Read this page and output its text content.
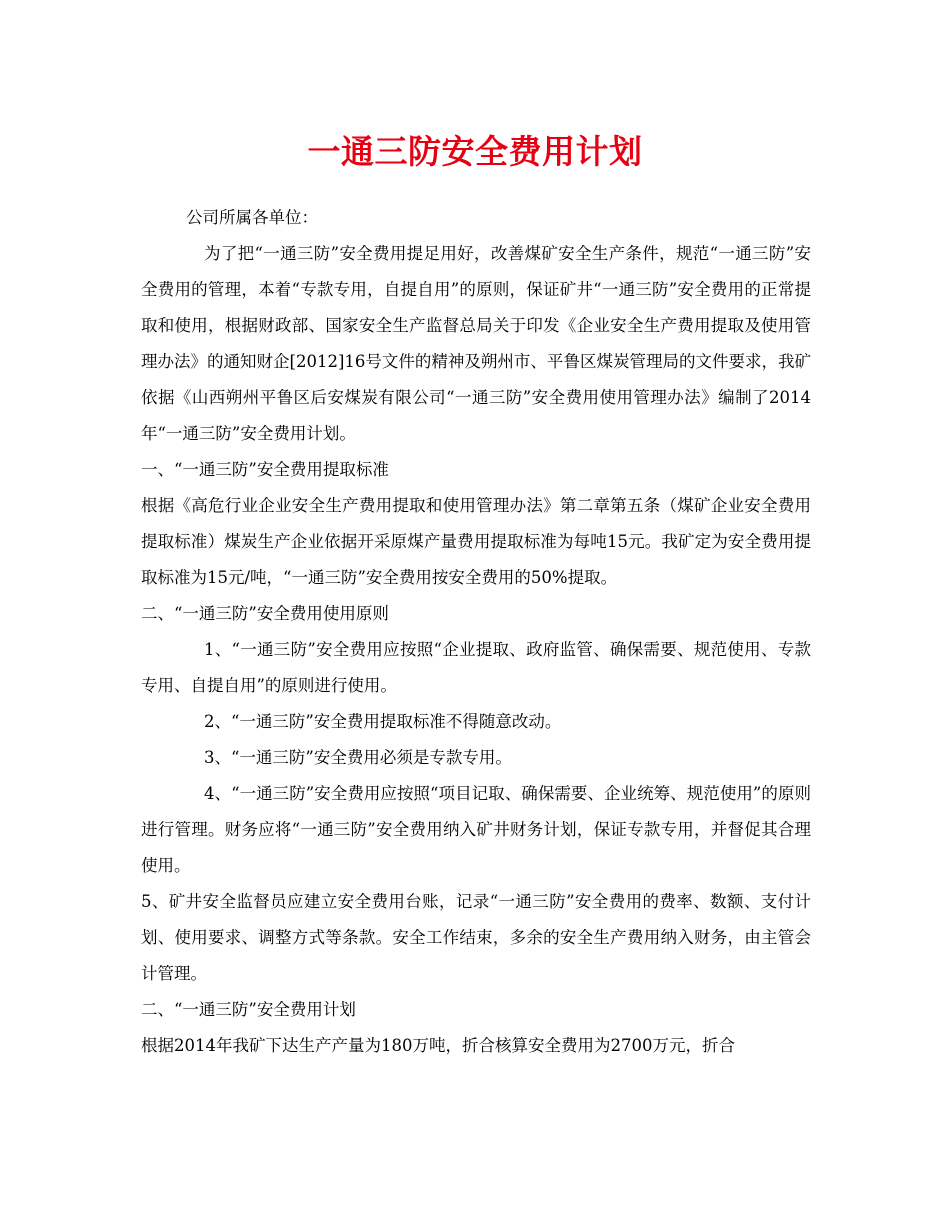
一通三防安全费用计划

公司所属各单位：

为了把“一通三防”安全费用提足用好，改善煤矿安全生产条件，规范“一通三防”安全费用的管理，本着“专款专用，自提自用”的原则，保证矿井“一通三防”安全费用的正常提取和使用，根据财政部、国家安全生产监督总局关于印发《企业安全生产费用提取及使用管理办法》的通知财企[2012]16号文件的精神及朔州市、平鲁区煤炭管理局的文件要求，我矿依据《山西朔州平鲁区后安煤炭有限公司“一通三防”安全费用使用管理办法》编制了2014年“一通三防”安全费用计划。

一、“一通三防”安全费用提取标准

根据《高危行业企业安全生产费用提取和使用管理办法》第二章第五条（煤矿企业安全费用提取标准）煤炭生产企业依据开采原煤产量费用提取标准为每吨15元。我矿定为安全费用提取标准为15元/吨，“一通三防”安全费用按安全费用的50%提取。

二、“一通三防”安全费用使用原则

1、“一通三防”安全费用应按照“企业提取、政府监管、确保需要、规范使用、专款专用、自提自用”的原则进行使用。

2、“一通三防”安全费用提取标准不得随意改动。

3、“一通三防”安全费用必须是专款专用。

4、“一通三防”安全费用应按照“项目记取、确保需要、企业统筹、规范使用”的原则进行管理。财务应将“一通三防”安全费用纳入矿井财务计划，保证专款专用，并督促其合理使用。

5、矿井安全监督员应建立安全费用台账，记录“一通三防”安全费用的费率、数额、支付计划、使用要求、调整方式等条款。安全工作结束，多余的安全生产费用纳入财务，由主管会计管理。

二、“一通三防”安全费用计划

根据2014年我矿下达生产产量为180万吨，折合核算安全费用为2700万元，折合
